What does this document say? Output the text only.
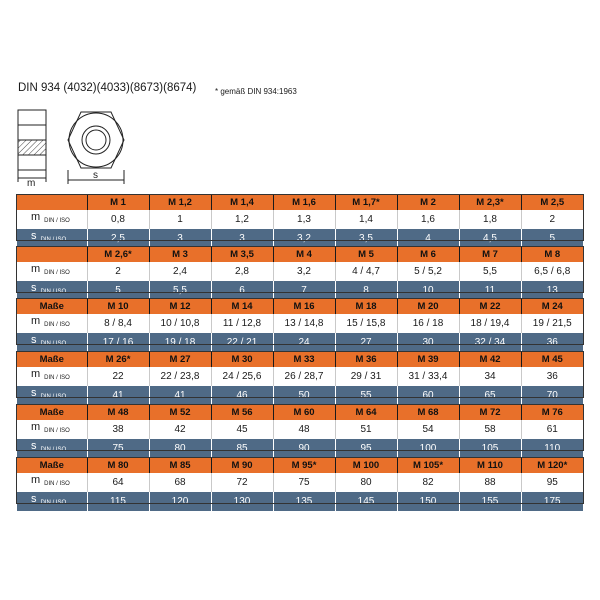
DIN 934 (4032)(4033)(8673)(8674) * gemäß DIN 934:1963
m
s
	M 1	M 1,2	M 1,4	M 1,6	M 1,7*	M 2	M 2,3*	M 2,5
m $_{DIN / ISO}$	0,8	1	1,2	1,3	1,4	1,6	1,8	2
s $_{DIN / ISO}$	2,5	3	3	3,2	3,5	4	4,5	5
	M 2,6*	M 3	M 3,5	M 4	M 5	M 6	M 7	M 8
m $_{DIN / ISO}$	2	2,4	2,8	3,2	4 / 4,7	5 / 5,2	5,5	6,5 / 6,8
s $_{DIN / ISO}$	5	5,5	6	7	8	10	11	13
Maße	M 10	M 12	M 14	M 16	M 18	M 20	M 22	M 24
m $_{DIN / ISO}$	8 / 8,4	10 / 10,8	11 / 12,8	13 / 14,8	15 / 15,8	16 / 18	18 / 19,4	19 / 21,5
s $_{DIN / ISO}$	17 / 16	19 / 18	22 / 21	24	27	30	32 / 34	36
Maße	M 26*	M 27	M 30	M 33	M 36	M 39	M 42	M 45
m $_{DIN / ISO}$	22	22 / 23,8	24 / 25,6	26 / 28,7	29 / 31	31 / 33,4	34	36
s $_{DIN / ISO}$	41	41	46	50	55	60	65	70
Maße	M 48	M 52	M 56	M 60	M 64	M 68	M 72	M 76
m $_{DIN / ISO}$	38	42	45	48	51	54	58	61
s $_{DIN / ISO}$	75	80	85	90	95	100	105	110
Maße	M 80	M 85	M 90	M 95*	M 100	M 105*	M 110	M 120*
m $_{DIN / ISO}$	64	68	72	75	80	82	88	95
s $_{DIN / ISO}$	115	120	130	135	145	150	155	175
